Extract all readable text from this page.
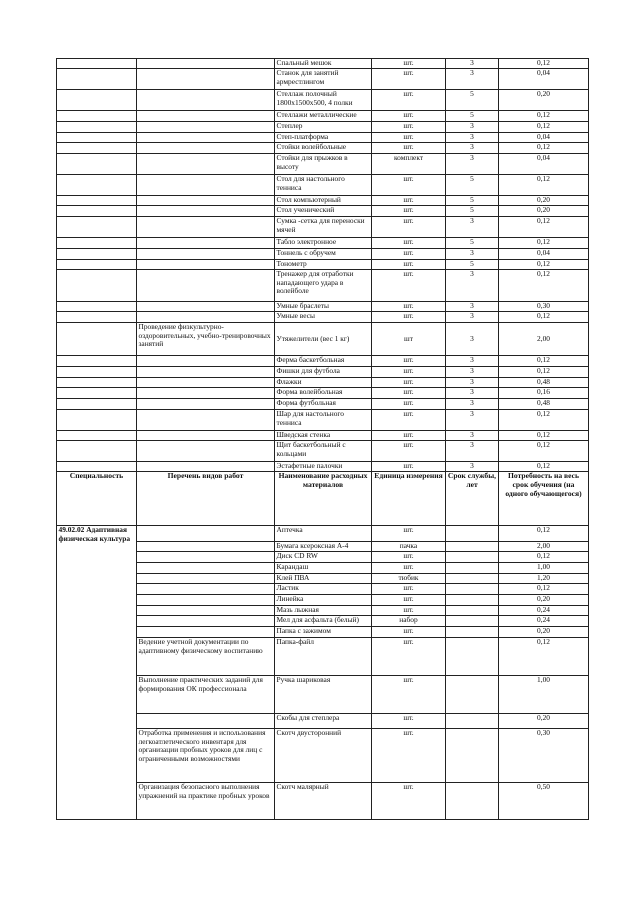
		Спальный мешок	шт.	3	0,12
		Станок для занятий армрестлингом	шт.	3	0,04
		Стеллаж полочный 1800х1500х500, 4 полки	шт.	5	0,20
		Стеллажи металлические	шт.	5	0,12
		Степлер	шт.	3	0,12
		Степ-платформа	шт.	3	0,04
		Стойки волейбольные	шт.	3	0,12
		Стойки для прыжков в высоту	комплект	3	0,04
		Стол для настольного тенниса	шт.	5	0,12
		Стол компьютерный	шт.	5	0,20
		Стол ученический	шт.	5	0,20
		Сумка -сетка для переноски мячей	шт.	3	0,12
		Табло электронное	шт.	5	0,12
		Тоннель с обручем	шт.	3	0,04
		Тонометр	шт.	5	0,12
		Тренажер для отработки нападающего удара в волейболе	шт.	3	0,12
		Умные браслеты	шт.	3	0,30
		Умные весы	шт.	3	0,12
	Проведение физкультурно-оздоровительных, учебно-тренировочных занятий	Утяжелители (вес 1 кг)	шт	3	2,00
		Ферма баскетбольная	шт.	3	0,12
		Фишки для футбола	шт.	3	0,12
		Флажки	шт.	3	0,48
		Форма волейбольная	шт.	3	0,16
		Форма футбольная	шт.	3	0,48
		Шар для настольного тенниса	шт.	3	0,12
		Шведская стенка	шт.	3	0,12
		Щит баскетбольный с кольцами	шт.	3	0,12
		Эстафетные палочки	шт.	3	0,12
Специальность	Перечень видов работ	Наименование расходных материалов	Единица измерения	Срок службы, лет	Потребность на весь срок обучения (на одного обучающегося)
49.02.02 Адаптивная физическая культура		Аптечка	шт.		0,12
		Бумага ксероксная А-4	пачка		2,00
		Диск CD RW	шт.		0,12
		Карандаш	шт.		1,00
		Клей ПВА	тюбик		1,20
		Ластик	шт.		0,12
		Линейка	шт.		0,20
		Мазь лыжная	шт.		0,24
		Мел для асфальта (белый)	набор		0,24
		Папка с зажимом	шт.		0,20
	Ведение учетной документации по адаптивному физическому воспитанию	Папка-файл	шт.		0,12
	Выполнение практических заданий для формирования ОК профессионала	Ручка шариковая	шт.		1,00
		Скобы для степлера	шт.		0,20
	Отработка применения и использования легкоатлетического инвентаря для организации пробных уроков для лиц с ограниченными возможностями	Скотч двусторонний	шт.		0,30
	Организация безопасного выполнения упражнений на практике пробных уроков	Скотч малярный	шт.		0,50
